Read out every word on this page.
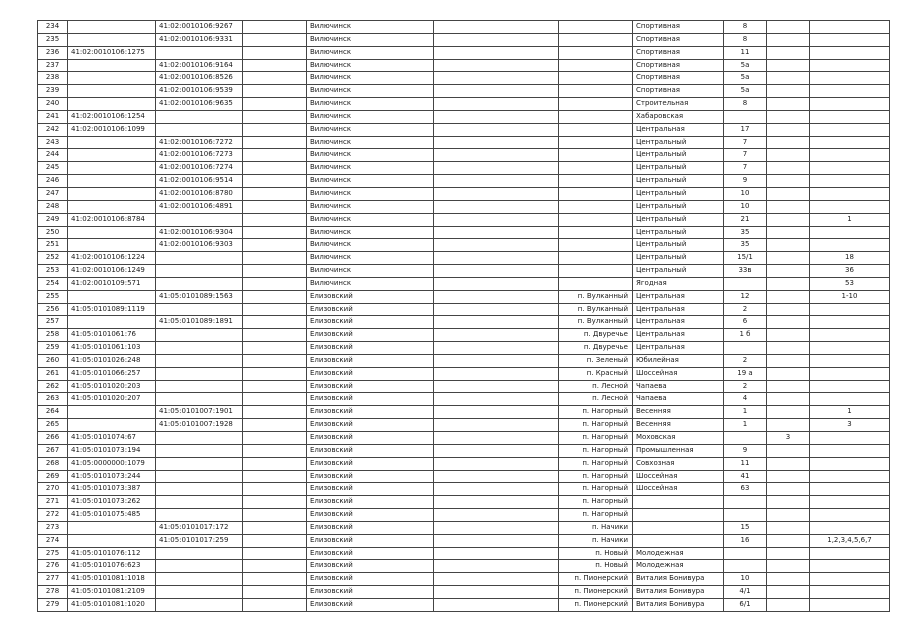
234		41:02:0010106:9267		Вилючинск			Спортивная	8		
235		41:02:0010106:9331		Вилючинск			Спортивная	8		
236	41:02:0010106:1275			Вилючинск			Спортивная	11		
237		41:02:0010106:9164		Вилючинск			Спортивная	5а		
238		41:02:0010106:8526		Вилючинск			Спортивная	5а		
239		41:02:0010106:9539		Вилючинск			Спортивная	5а		
240		41:02:0010106:9635		Вилючинск			Строительная	8		
241	41:02:0010106:1254			Вилючинск			Хабаровская			
242	41:02:0010106:1099			Вилючинск			Центральная	17		
243		41:02:0010106:7272		Вилючинск			Центральный	7		
244		41:02:0010106:7273		Вилючинск			Центральный	7		
245		41:02:0010106:7274		Вилючинск			Центральный	7		
246		41:02:0010106:9514		Вилючинск			Центральный	9		
247		41:02:0010106:8780		Вилючинск			Центральный	10		
248		41:02:0010106:4891		Вилючинск			Центральный	10		
249	41:02:0010106:8784			Вилючинск			Центральный	21		1
250		41:02:0010106:9304		Вилючинск			Центральный	35		
251		41:02:0010106:9303		Вилючинск			Центральный	35		
252	41:02:0010106:1224			Вилючинск			Центральный	15/1		18
253	41:02:0010106:1249			Вилючинск			Центральный	33в		36
254	41:02:0010109:571			Вилючинск			Ягодная			53
255		41:05:0101089:1563		Елизовский		п. Вулканный	Центральная	12		1-10
256	41:05:0101089:1119			Елизовский		п. Вулканный	Центральная	2		
257		41:05:0101089:1891		Елизовский		п. Вулканный	Центральная	6		
258	41:05:0101061:76			Елизовский		п. Двуречье	Центральная	1 б		
259	41:05:0101061:103			Елизовский		п. Двуречье	Центральная			
260	41:05:0101026:248			Елизовский		п. Зеленый	Юбилейная	2		
261	41:05:0101066:257			Елизовский		п. Красный	Шоссейная	19 а		
262	41:05:0101020:203			Елизовский		п. Лесной	Чапаева	2		
263	41:05:0101020:207			Елизовский		п. Лесной	Чапаева	4		
264		41:05:0101007:1901		Елизовский		п. Нагорный	Весенняя	1		1
265		41:05:0101007:1928		Елизовский		п. Нагорный	Весенняя	1		3
266	41:05:0101074:67			Елизовский		п. Нагорный	Моховская		3	
267	41:05:0101073:194			Елизовский		п. Нагорный	Промышленная	9		
268	41:05:0000000:1079			Елизовский		п. Нагорный	Совхозная	11		
269	41:05:0101073:244			Елизовский		п. Нагорный	Шоссейная	41		
270	41:05:0101073:387			Елизовский		п. Нагорный	Шоссейная	63		
271	41:05:0101073:262			Елизовский		п. Нагорный				
272	41:05:0101075:485			Елизовский		п. Нагорный				
273		41:05:0101017:172		Елизовский		п. Начики		15		
274		41:05:0101017:259		Елизовский		п. Начики		16		1,2,3,4,5,6,7
275	41:05:0101076:112			Елизовский		п. Новый	Молодежная			
276	41:05:0101076:623			Елизовский		п. Новый	Молодежная			
277	41:05:0101081:1018			Елизовский		п. Пионерский	Виталия Бонивура	10		
278	41:05:0101081:2109			Елизовский		п. Пионерский	Виталия Бонивура	4/1		
279	41:05:0101081:1020			Елизовский		п. Пионерский	Виталия Бонивура	6/1		
